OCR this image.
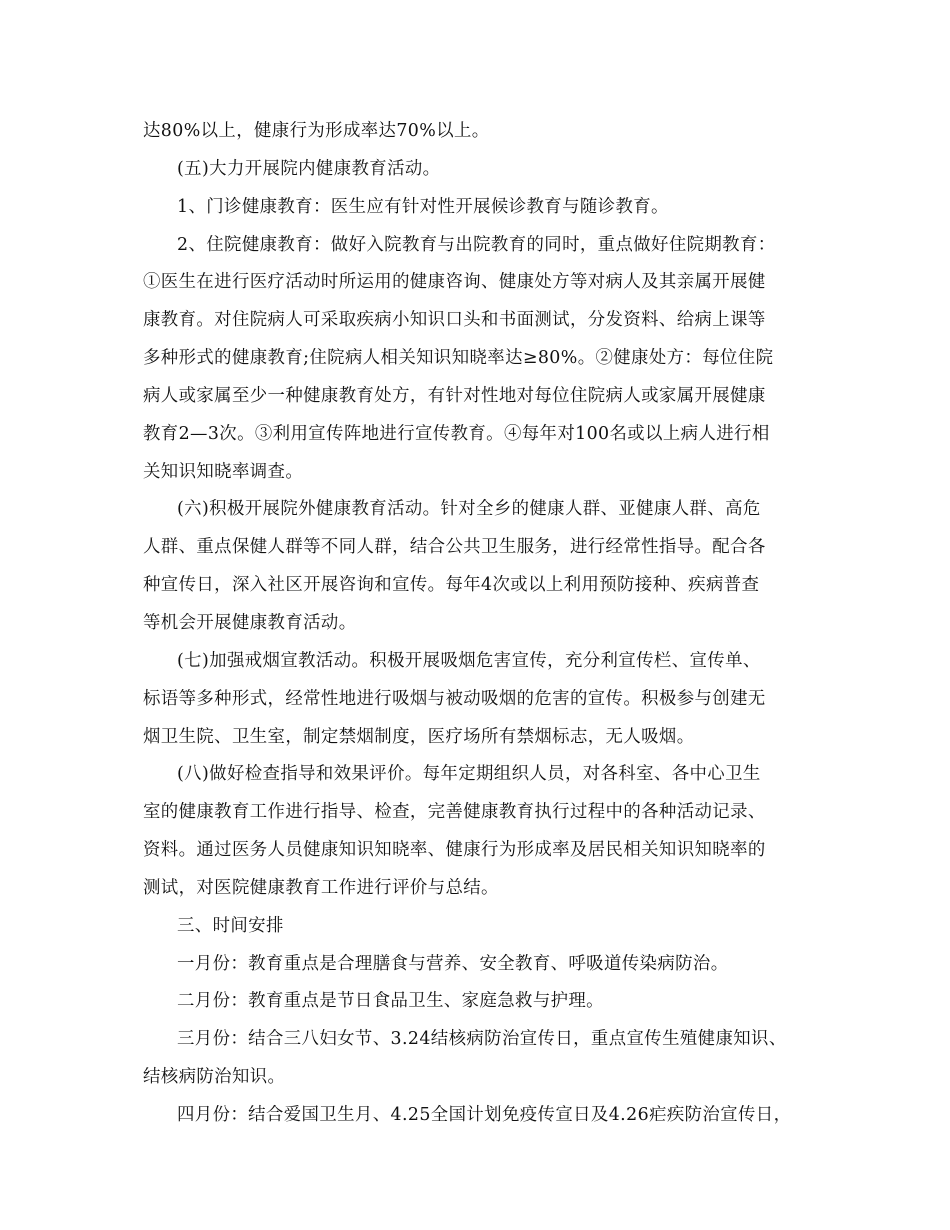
达80%以上，健康行为形成率达70%以上。
(五)大力开展院内健康教育活动。
1、门诊健康教育：医生应有针对性开展候诊教育与随诊教育。
2、住院健康教育：做好入院教育与出院教育的同时，重点做好住院期教育：
①医生在进行医疗活动时所运用的健康咨询、健康处方等对病人及其亲属开展健
康教育。对住院病人可采取疾病小知识口头和书面测试，分发资料、给病上课等
多种形式的健康教育;住院病人相关知识知晓率达≥80%。②健康处方：每位住院
病人或家属至少一种健康教育处方，有针对性地对每位住院病人或家属开展健康
教育2—3次。③利用宣传阵地进行宣传教育。④每年对100名或以上病人进行相
关知识知晓率调查。
(六)积极开展院外健康教育活动。针对全乡的健康人群、亚健康人群、高危
人群、重点保健人群等不同人群，结合公共卫生服务，进行经常性指导。配合各
种宣传日，深入社区开展咨询和宣传。每年4次或以上利用预防接种、疾病普查
等机会开展健康教育活动。
(七)加强戒烟宣教活动。积极开展吸烟危害宣传，充分利宣传栏、宣传单、
标语等多种形式，经常性地进行吸烟与被动吸烟的危害的宣传。积极参与创建无
烟卫生院、卫生室，制定禁烟制度，医疗场所有禁烟标志，无人吸烟。
(八)做好检查指导和效果评价。每年定期组织人员，对各科室、各中心卫生
室的健康教育工作进行指导、检查，完善健康教育执行过程中的各种活动记录、
资料。通过医务人员健康知识知晓率、健康行为形成率及居民相关知识知晓率的
测试，对医院健康教育工作进行评价与总结。
三、时间安排
一月份：教育重点是合理膳食与营养、安全教育、呼吸道传染病防治。
二月份：教育重点是节日食品卫生、家庭急救与护理。
三月份：结合三八妇女节、3.24结核病防治宣传日，重点宣传生殖健康知识、
结核病防治知识。
四月份：结合爱国卫生月、4.25全国计划免疫传宣日及4.26疟疾防治宣传日，
